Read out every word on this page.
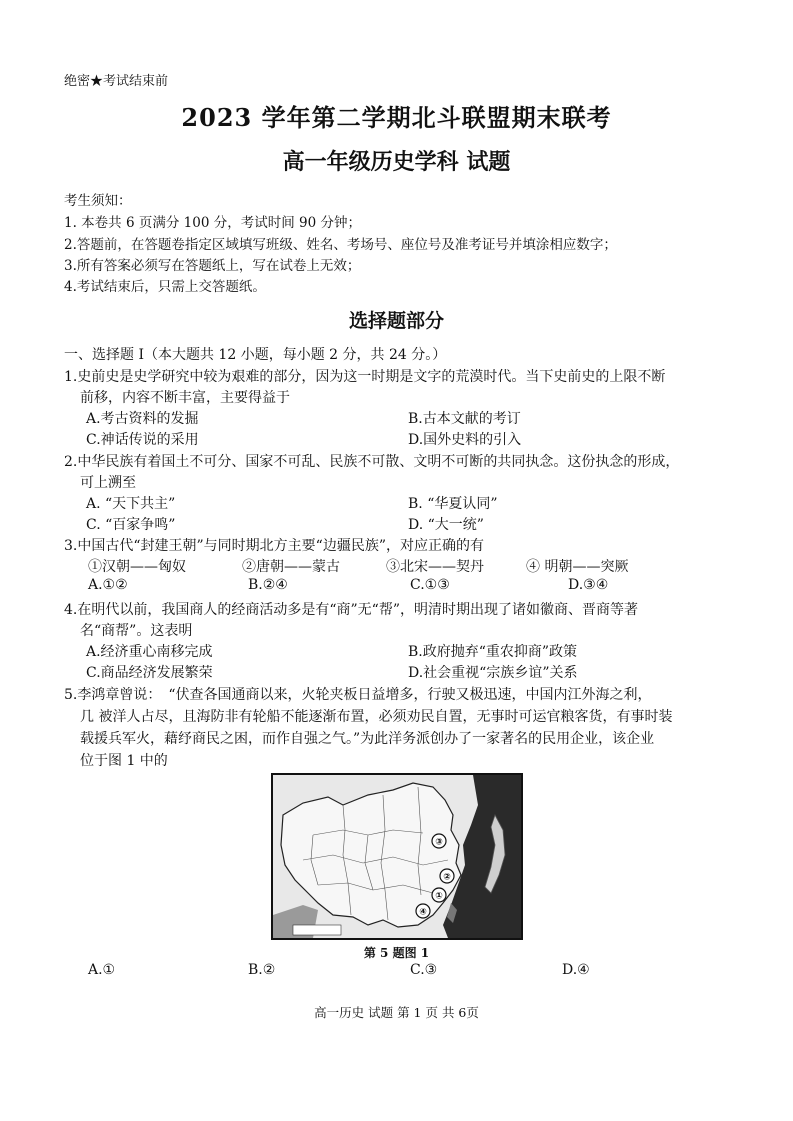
绝密★考试结束前
2023 学年第二学期北斗联盟期末联考
高一年级历史学科 试题
考生须知：
1. 本卷共 6 页满分 100 分，考试时间 90 分钟；
2.答题前，在答题卷指定区域填写班级、姓名、考场号、座位号及准考证号并填涂相应数字；
3.所有答案必须写在答题纸上，写在试卷上无效；
4.考试结束后，只需上交答题纸。
选择题部分
一、选择题 I（本大题共 12 小题，每小题 2 分，共 24 分。）
1.史前史是史学研究中较为艰难的部分，因为这一时期是文字的荒漠时代。当下史前史的上限不断
前移，内容不断丰富，主要得益于
A.考古资料的发掘	B.古本文献的考订
C.神话传说的采用	D.国外史料的引入
2.中华民族有着国土不可分、国家不可乱、民族不可散、文明不可断的共同执念。这份执念的形成，
可上溯至
A. “天下共主”	B. “华夏认同”
C. “百家争鸣”	D. “大一统”
3.中国古代“封建王朝”与同时期北方主要“边疆民族”，对应正确的有
①汉朝——匈奴	②唐朝——蒙古	③北宋——契丹	④ 明朝——突厥
A.①②	B.②④	C.①③	D.③④
4.在明代以前，我国商人的经商活动多是有“商”无“帮”，明清时期出现了诸如徽商、晋商等著
名“商帮”。这表明
A.经济重心南移完成	B.政府抛弃“重农抑商”政策
C.商品经济发展繁荣	D.社会重视“宗族乡谊”关系
5.李鸿章曾说：　“伏查各国通商以来，火轮夹板日益增多，行驶又极迅速，中国内江外海之利，
几 被洋人占尽，且海防非有轮船不能逐渐布置，必须劝民自置，无事时可运官粮客货，有事时装
载援兵军火，藉纾商民之困，而作自强之气。”为此洋务派创办了一家著名的民用企业，该企业
位于图 1 中的
③
②
①
④
第 5 题图 1
A.①	B.②	C.③	D.④
高一历史 试题 第 1 页 共 6页
